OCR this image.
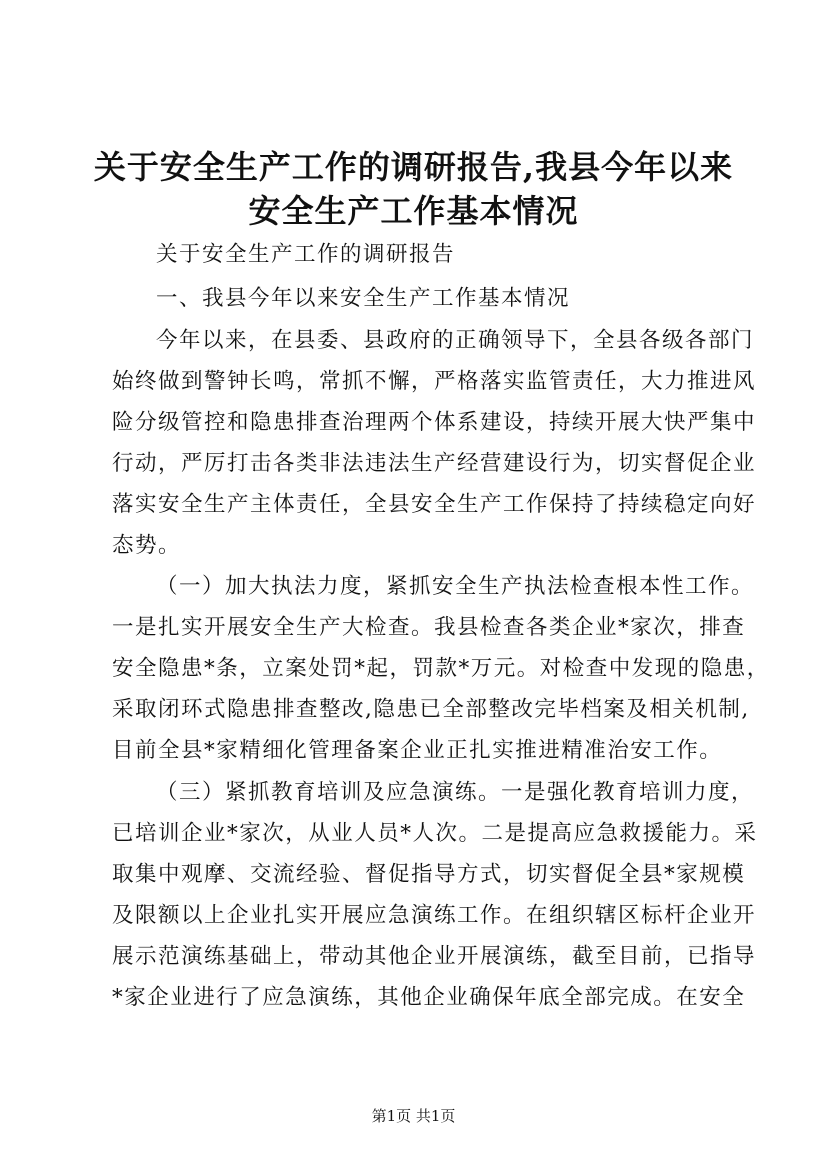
关于安全生产工作的调研报告,我县今年以来
安全生产工作基本情况

关于安全生产工作的调研报告

一、我县今年以来安全生产工作基本情况

今年以来，在县委、县政府的正确领导下，全县各级各部门

始终做到警钟长鸣，常抓不懈，严格落实监管责任，大力推进风

险分级管控和隐患排查治理两个体系建设，持续开展大快严集中

行动，严厉打击各类非法违法生产经营建设行为，切实督促企业

落实安全生产主体责任，全县安全生产工作保持了持续稳定向好

态势。

（一）加大执法力度，紧抓安全生产执法检查根本性工作。

一是扎实开展安全生产大检查。我县检查各类企业*家次，排查

安全隐患*条，立案处罚*起，罚款*万元。对检查中发现的隐患，

采取闭环式隐患排查整改,隐患已全部整改完毕档案及相关机制,

目前全县*家精细化管理备案企业正扎实推进精准治安工作。

（三）紧抓教育培训及应急演练。一是强化教育培训力度，

已培训企业*家次，从业人员*人次。二是提高应急救援能力。采

取集中观摩、交流经验、督促指导方式，切实督促全县*家规模

及限额以上企业扎实开展应急演练工作。在组织辖区标杆企业开

展示范演练基础上，带动其他企业开展演练，截至目前，已指导

*家企业进行了应急演练，其他企业确保年底全部完成。在安全

第1页 共1页
